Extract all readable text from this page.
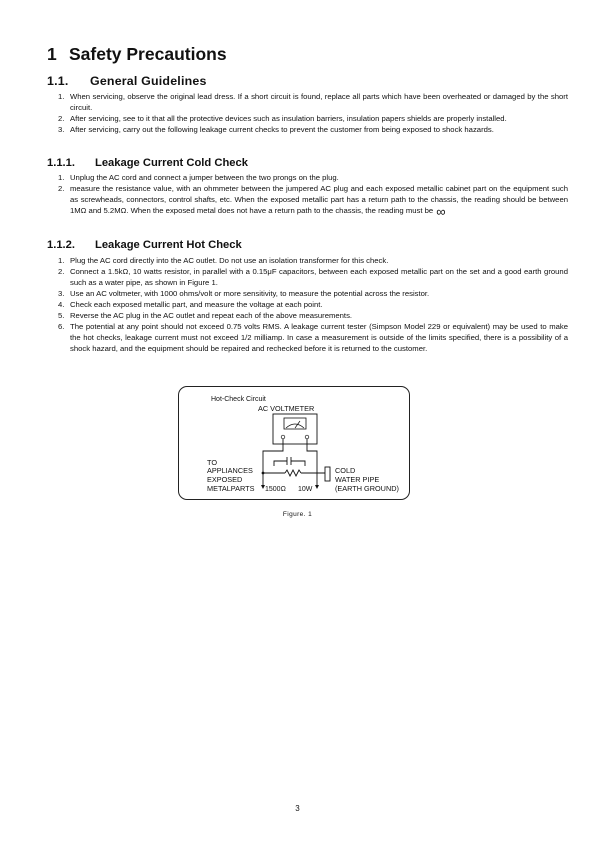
1 Safety Precautions
1.1. General Guidelines
1. When servicing, observe the original lead dress. If a short circuit is found, replace all parts which have been overheated or damaged by the short circuit.
2. After servicing, see to it that all the protective devices such as insulation barriers, insulation papers shields are properly installed.
3. After servicing, carry out the following leakage current checks to prevent the customer from being exposed to shock hazards.
1.1.1. Leakage Current Cold Check
1. Unplug the AC cord and connect a jumper between the two prongs on the plug.
2. measure the resistance value, with an ohmmeter between the jumpered AC plug and each exposed metallic cabinet part on the equipment such as screwheads, connectors, control shafts, etc. When the exposed metallic part has a return path to the chassis, the reading should be between 1MΩ and 5.2MΩ. When the exposed metal does not have a return path to the chassis, the reading must be ∞
1.1.2. Leakage Current Hot Check
1. Plug the AC cord directly into the AC outlet. Do not use an isolation transformer for this check.
2. Connect a 1.5kΩ, 10 watts resistor, in parallel with a 0.15μF capacitors, between each exposed metallic part on the set and a good earth ground such as a water pipe, as shown in Figure 1.
3. Use an AC voltmeter, with 1000 ohms/volt or more sensitivity, to measure the potential across the resistor.
4. Check each exposed metallic part, and measure the voltage at each point.
5. Reverse the AC plug in the AC outlet and repeat each of the above measurements.
6. The potential at any point should not exceed 0.75 volts RMS. A leakage current tester (Simpson Model 229 or equivalent) may be used to make the hot checks, leakage current must not exceed 1/2 milliamp. In case a measurement is outside of the limits specified, there is a possibility of a shock hazard, and the equipment should be repaired and rechecked before it is returned to the customer.
Hot-Check Circuit
AC VOLTMETER
TO
APPLIANCES
EXPOSED
METALPARTS 1500Ω 10W
COLD
WATER PIPE
(EARTH GROUND)
Figure. 1
3
